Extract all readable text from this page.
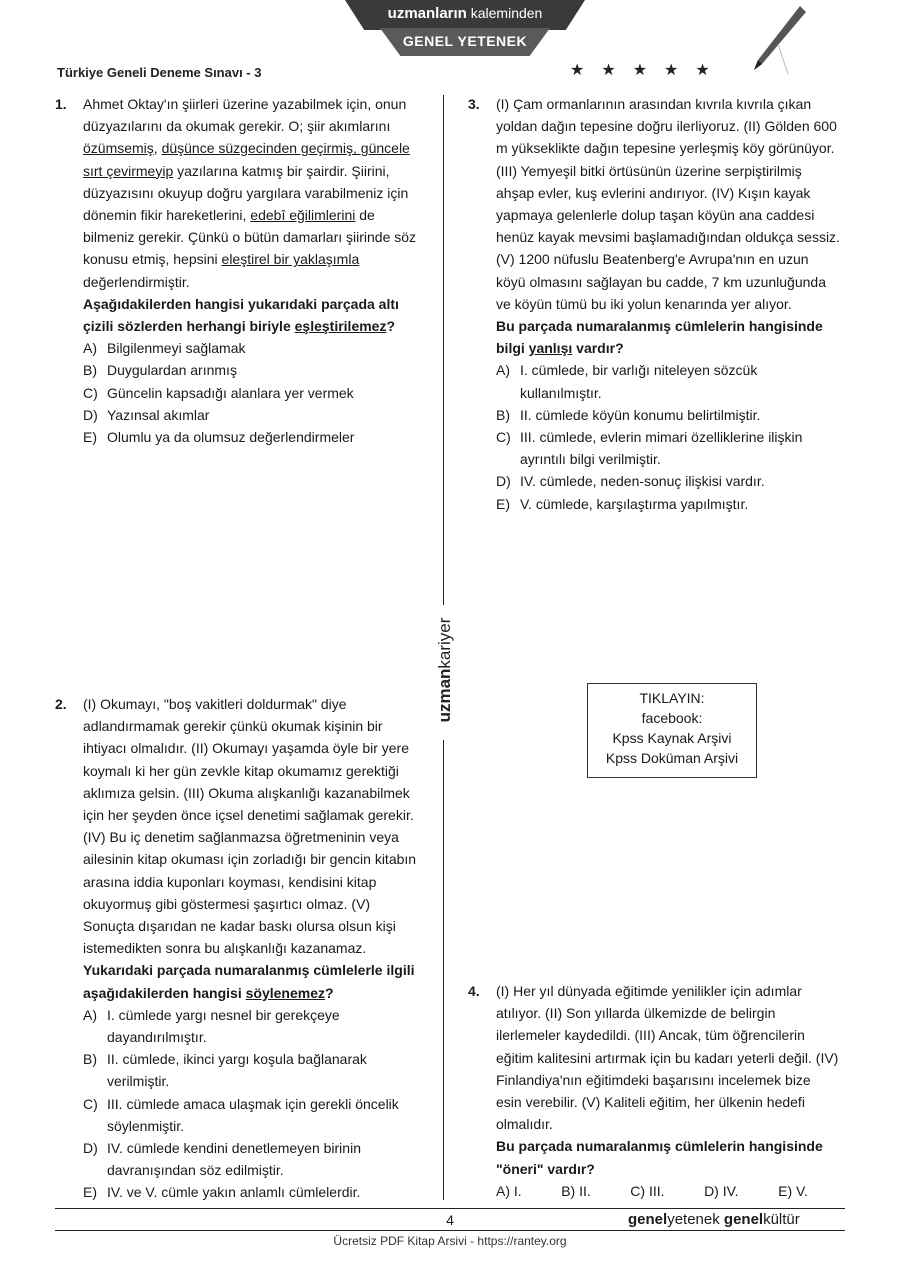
uzmanların kaleminden
GENEL YETENEK
★★★★★
Türkiye Geneli Deneme Sınavı - 3
1. Ahmet Oktay'ın şiirleri üzerine yazabilmek için, onun düzyazılarını da okumak gerekir. O; şiir akımlarını özümsemiş, düşünce süzgecinden geçirmiş, güncele sırt çevirmeyip yazılarına katmış bir şairdir. Şiirini, düzyazısını okuyup doğru yargılara varabilmeniz için dönemin fikir hareketlerini, edebî eğilimlerini de bilmeniz gerekir. Çünkü o bütün damarları şiirinde söz konusu etmiş, hepsini eleştirel bir yaklaşımla değerlendirmiştir.
Aşağıdakilerden hangisi yukarıdaki parçada altı çizili sözlerden herhangi biriyle eşleştirilemez?
A) Bilgilenmeyi sağlamak
B) Duygulardan arınmış
C) Güncelin kapsadığı alanlara yer vermek
D) Yazınsal akımlar
E) Olumlu ya da olumsuz değerlendirmeler
2. (I) Okumayı, "boş vakitleri doldurmak" diye adlandırmamak gerekir çünkü okumak kişinin bir ihtiyacı olmalıdır. (II) Okumayı yaşamda öyle bir yere koymalı ki her gün zevkle kitap okumamız gerektiği aklımıza gelsin. (III) Okuma alışkanlığı kazanabilmek için her şeyden önce içsel denetimi sağlamak gerekir. (IV) Bu iç denetim sağlanmazsa öğretmeninin veya ailesinin kitap okuması için zorladığı bir gencin kitabın arasına iddia kuponları koyması, kendisini kitap okuyormuş gibi göstermesi şaşırtıcı olmaz. (V) Sonuçta dışarıdan ne kadar baskı olursa olsun kişi istemedikten sonra bu alışkanlığı kazanamaz.
Yukarıdaki parçada numaralanmış cümlelerle ilgili aşağıdakilerden hangisi söylenemez?
A) I. cümlede yargı nesnel bir gerekçeye dayandırılmıştır.
B) II. cümlede, ikinci yargı koşula bağlanarak verilmiştir.
C) III. cümlede amaca ulaşmak için gerekli öncelik söylenmiştir.
D) IV. cümlede kendini denetlemeyen birinin davranışından söz edilmiştir.
E) IV. ve V. cümle yakın anlamlı cümlelerdir.
uzmankariyer
3. (I) Çam ormanlarının arasından kıvrıla kıvrıla çıkan yoldan dağın tepesine doğru ilerliyoruz. (II) Gölden 600 m yükseklikte dağın tepesine yerleşmiş köy görünüyor. (III) Yemyeşil bitki örtüsünün üzerine serpiştirilmiş ahşap evler, kuş evlerini andırıyor. (IV) Kışın kayak yapmaya gelenlerle dolup taşan köyün ana caddesi henüz kayak mevsimi başlamadığından oldukça sessiz. (V) 1200 nüfuslu Beatenberg'e Avrupa'nın en uzun köyü olmasını sağlayan bu cadde, 7 km uzunluğunda ve köyün tümü bu iki yolun kenarında yer alıyor.
Bu parçada numaralanmış cümlelerin hangisinde bilgi yanlışı vardır?
A) I. cümlede, bir varlığı niteleyen sözcük kullanılmıştır.
B) II. cümlede köyün konumu belirtilmiştir.
C) III. cümlede, evlerin mimari özelliklerine ilişkin ayrıntılı bilgi verilmiştir.
D) IV. cümlede, neden-sonuç ilişkisi vardır.
E) V. cümlede, karşılaştırma yapılmıştır.
TIKLAYIN:
facebook:
Kpss Kaynak Arşivi
Kpss Doküman Arşivi
4. (I) Her yıl dünyada eğitimde yenilikler için adımlar atılıyor. (II) Son yıllarda ülkemizde de belirgin ilerlemeler kaydedildi. (III) Ancak, tüm öğrencilerin eğitim kalitesini artırmak için bu kadarı yeterli değil. (IV) Finlandiya'nın eğitimdeki başarısını incelemek bize esin verebilir. (V) Kaliteli eğitim, her ülkenin hedefi olmalıdır.
Bu parçada numaralanmış cümlelerin hangisinde "öneri" vardır?
A) I.	B) II.	C) III.	D) IV.	E) V.
4	genelyetenek genelkültür
Ücretsiz PDF Kitap Arsivi - https://rantey.org
